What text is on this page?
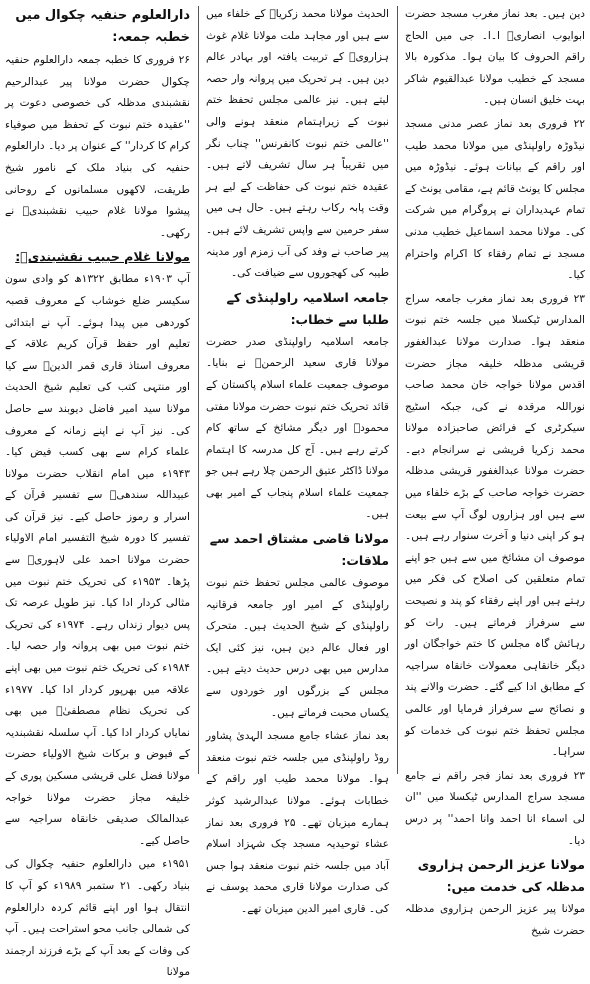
دین ہیں۔ بعد نماز مغرب مسجد حضرت ابوایوب انصاریؓ ا۔ا۔ جی میں الحاج راقم الحروف کا بیان ہوا۔ مذکورہ بالا مسجد کے خطیب مولانا عبدالقیوم شاکر بہت خلیق انسان ہیں۔

۲۲ فروری بعد نماز عصر مدنی مسجد نیڈوڑہ راولپنڈی میں مولانا محمد طیب اور راقم کے بیانات ہوئے۔ نیڈوڑہ میں مجلس کا یونٹ قائم ہے، مقامی یونٹ کے تمام عہدیداران نے پروگرام میں شرکت کی۔ مولانا محمد اسماعیل خطیب مدنی مسجد نے تمام رفقاء کا اکرام واحترام کیا۔

۲۳ فروری بعد نماز مغرب جامعہ سراج المدارس ٹیکسلا میں جلسہ ختم نبوت منعقد ہوا۔ صدارت مولانا عبدالغفور قریشی مدظلہ خلیفہ مجاز حضرت اقدس مولانا خواجہ خان محمد صاحب نوراللہ مرقدہ نے کی، جبکہ اسٹیج سیکرٹری کے فرائض صاحبزادہ مولانا محمد زکریا قریشی نے سرانجام دیے۔ حضرت مولانا عبدالغفور قریشی مدظلہ حضرت خواجہ صاحب کے بڑے خلفاء میں سے ہیں اور ہزاروں لوگ آپ سے بیعت ہو کر اپنی دنیا و آخرت سنوار رہے ہیں۔ موصوف ان مشائخ میں سے ہیں جو اپنے تمام متعلقین کی اصلاح کی فکر میں رہتے ہیں اور اپنے رفقاء کو پند و نصیحت سے سرفراز فرماتے ہیں۔ رات کو رہائش گاہ مجلس کا ختم خواجگان اور دیگر خانقاہی معمولات خانقاہ سراجیہ کے مطابق ادا کیے گئے۔ حضرت والانے پند و نصائح سے سرفراز فرمایا اور عالمی مجلس تحفظ ختم نبوت کی خدمات کو سراہا۔

۲۳ فروری بعد نماز فجر راقم نے جامع مسجد سراج المدارس ٹیکسلا میں ''ان لی اسماء انا احمد وانا احمد'' پر درس دیا۔

مولانا عزیز الرحمن ہزاروی مدظلہ کی خدمت میں:

مولانا پیر عزیز الرحمن ہزاروی مدظلہ حضرت شیخ

الحدیث مولانا محمد زکریاؒ کے خلفاء میں سے ہیں اور مجاہد ملت مولانا غلام غوث ہزارویؒ کے تربیت یافتہ اور بہادر عالم دین ہیں۔ ہر تحریک میں پروانہ وار حصہ لیتے ہیں۔ نیز عالمی مجلس تحفظ ختم نبوت کے زیراہتمام منعقد ہونے والی ''عالمی ختم نبوت کانفرنس'' چناب نگر میں تقریباً ہر سال تشریف لاتے ہیں۔ عقیدہ ختم نبوت کی حفاظت کے لیے ہر وقت پابہ رکاب رہتے ہیں۔ حال ہی میں سفر حرمین سے واپس تشریف لائے ہیں۔ پیر صاحب نے وفد کی آب زمزم اور مدینہ طیبہ کی کھجوروں سے ضیافت کی۔

جامعہ اسلامیہ راولپنڈی کے طلبا سے خطاب:

جامعہ اسلامیہ راولپنڈی صدر حضرت مولانا قاری سعید الرحمنؒ نے بنایا۔ موصوف جمعیت علماء اسلام پاکستان کے قائد تحریک ختم نبوت حضرت مولانا مفتی محمودؒ اور دیگر مشائخ کے ساتھ کام کرتے رہے ہیں۔ آج کل مدرسہ کا اہتمام مولانا ڈاکٹر عتیق الرحمن چلا رہے ہیں جو جمعیت علماء اسلام پنجاب کے امیر بھی ہیں۔

مولانا قاضی مشتاق احمد سے ملاقات:

موصوف عالمی مجلس تحفظ ختم نبوت راولپنڈی کے امیر اور جامعہ فرقانیہ راولپنڈی کے شیخ الحدیث ہیں۔ متحرک اور فعال عالم دین ہیں، نیز کئی ایک مدارس میں بھی درس حدیث دیتے ہیں۔ مجلس کے بزرگوں اور خوردوں سے یکساں محبت فرماتے ہیں۔

بعد نماز عشاء جامع مسجد الہدیٰ پشاور روڈ راولپنڈی میں جلسہ ختم نبوت منعقد ہوا۔ مولانا محمد طیب اور راقم کے خطابات ہوئے۔ مولانا عبدالرشید کوثر ہمارے میزبان تھے۔ ۲۵ فروری بعد نماز عشاء توحیدیہ مسجد چک شہزاد اسلام آباد میں جلسہ ختم نبوت منعقد ہوا جس کی صدارت مولانا قاری محمد یوسف نے کی۔ قاری امیر الدین میزبان تھے۔

دارالعلوم حنفیہ چکوال میں خطبہ جمعہ:

۲۶ فروری کا خطبہ جمعہ دارالعلوم حنفیہ چکوال حضرت مولانا پیر عبدالرحیم نقشبندی مدظلہ کی خصوصی دعوت پر ''عقیدہ ختم نبوت کے تحفظ میں صوفیاء کرام کا کردار'' کے عنوان پر دیا۔ دارالعلوم حنفیہ کی بنیاد ملک کے نامور شیخ طریقت، لاکھوں مسلمانوں کے روحانی پیشوا مولانا غلام حبیب نقشبندیؒ نے رکھی۔

مولانا غلام حبیب نقشبندیؒ:

آپ ۱۹۰۳ء مطابق ۱۳۲۲ھ کو وادی سون سکیسر ضلع خوشاب کے معروف قصبہ کوردھی میں پیدا ہوئے۔ آپ نے ابتدائی تعلیم اور حفظ قرآن کریم علاقہ کے معروف استاذ قاری قمر الدینؒ سے کیا اور منتہی کتب کی تعلیم شیخ الحدیث مولانا سید امیر فاضل دیوبند سے حاصل کی۔ نیز آپ نے اپنے زمانہ کے معروف علماء کرام سے بھی کسب فیض کیا۔ ۱۹۴۳ء میں امام انقلاب حضرت مولانا عبیداللہ سندھیؒ سے تفسیر قرآن کے اسرار و رموز حاصل کیے۔ نیز قرآن کی تفسیر کا دورہ شیخ التفسیر امام الاولیاء حضرت مولانا احمد علی لاہوریؒ سے پڑھا۔ ۱۹۵۳ء کی تحریک ختم نبوت میں مثالی کردار ادا کیا۔ نیز طویل عرصہ تک پس دیوار زنداں رہے۔ ۱۹۷۴ء کی تحریک ختم نبوت میں بھی پروانہ وار حصہ لیا۔ ۱۹۸۴ء کی تحریک ختم نبوت میں بھی اپنے علاقہ میں بھرپور کردار ادا کیا۔ ۱۹۷۷ء کی تحریک نظام مصطفیٰؐ میں بھی نمایاں کردار ادا کیا۔ آپ سلسلہ نقشبندیہ کے فیوض و برکات شیخ الاولیاء حضرت مولانا فضل علی قریشی مسکین پوری کے خلیفہ مجاز حضرت مولانا خواجہ عبدالمالک صدیقی خانقاہ سراجیہ سے حاصل کیے۔

۱۹۵۱ء میں دارالعلوم حنفیہ چکوال کی بنیاد رکھی۔ ۲۱ ستمبر ۱۹۸۹ء کو آپ کا انتقال ہوا اور اپنے قائم کردہ دارالعلوم کی شمالی جانب محو استراحت ہیں۔ آپ کی وفات کے بعد آپ کے بڑے فرزند ارجمند مولانا
